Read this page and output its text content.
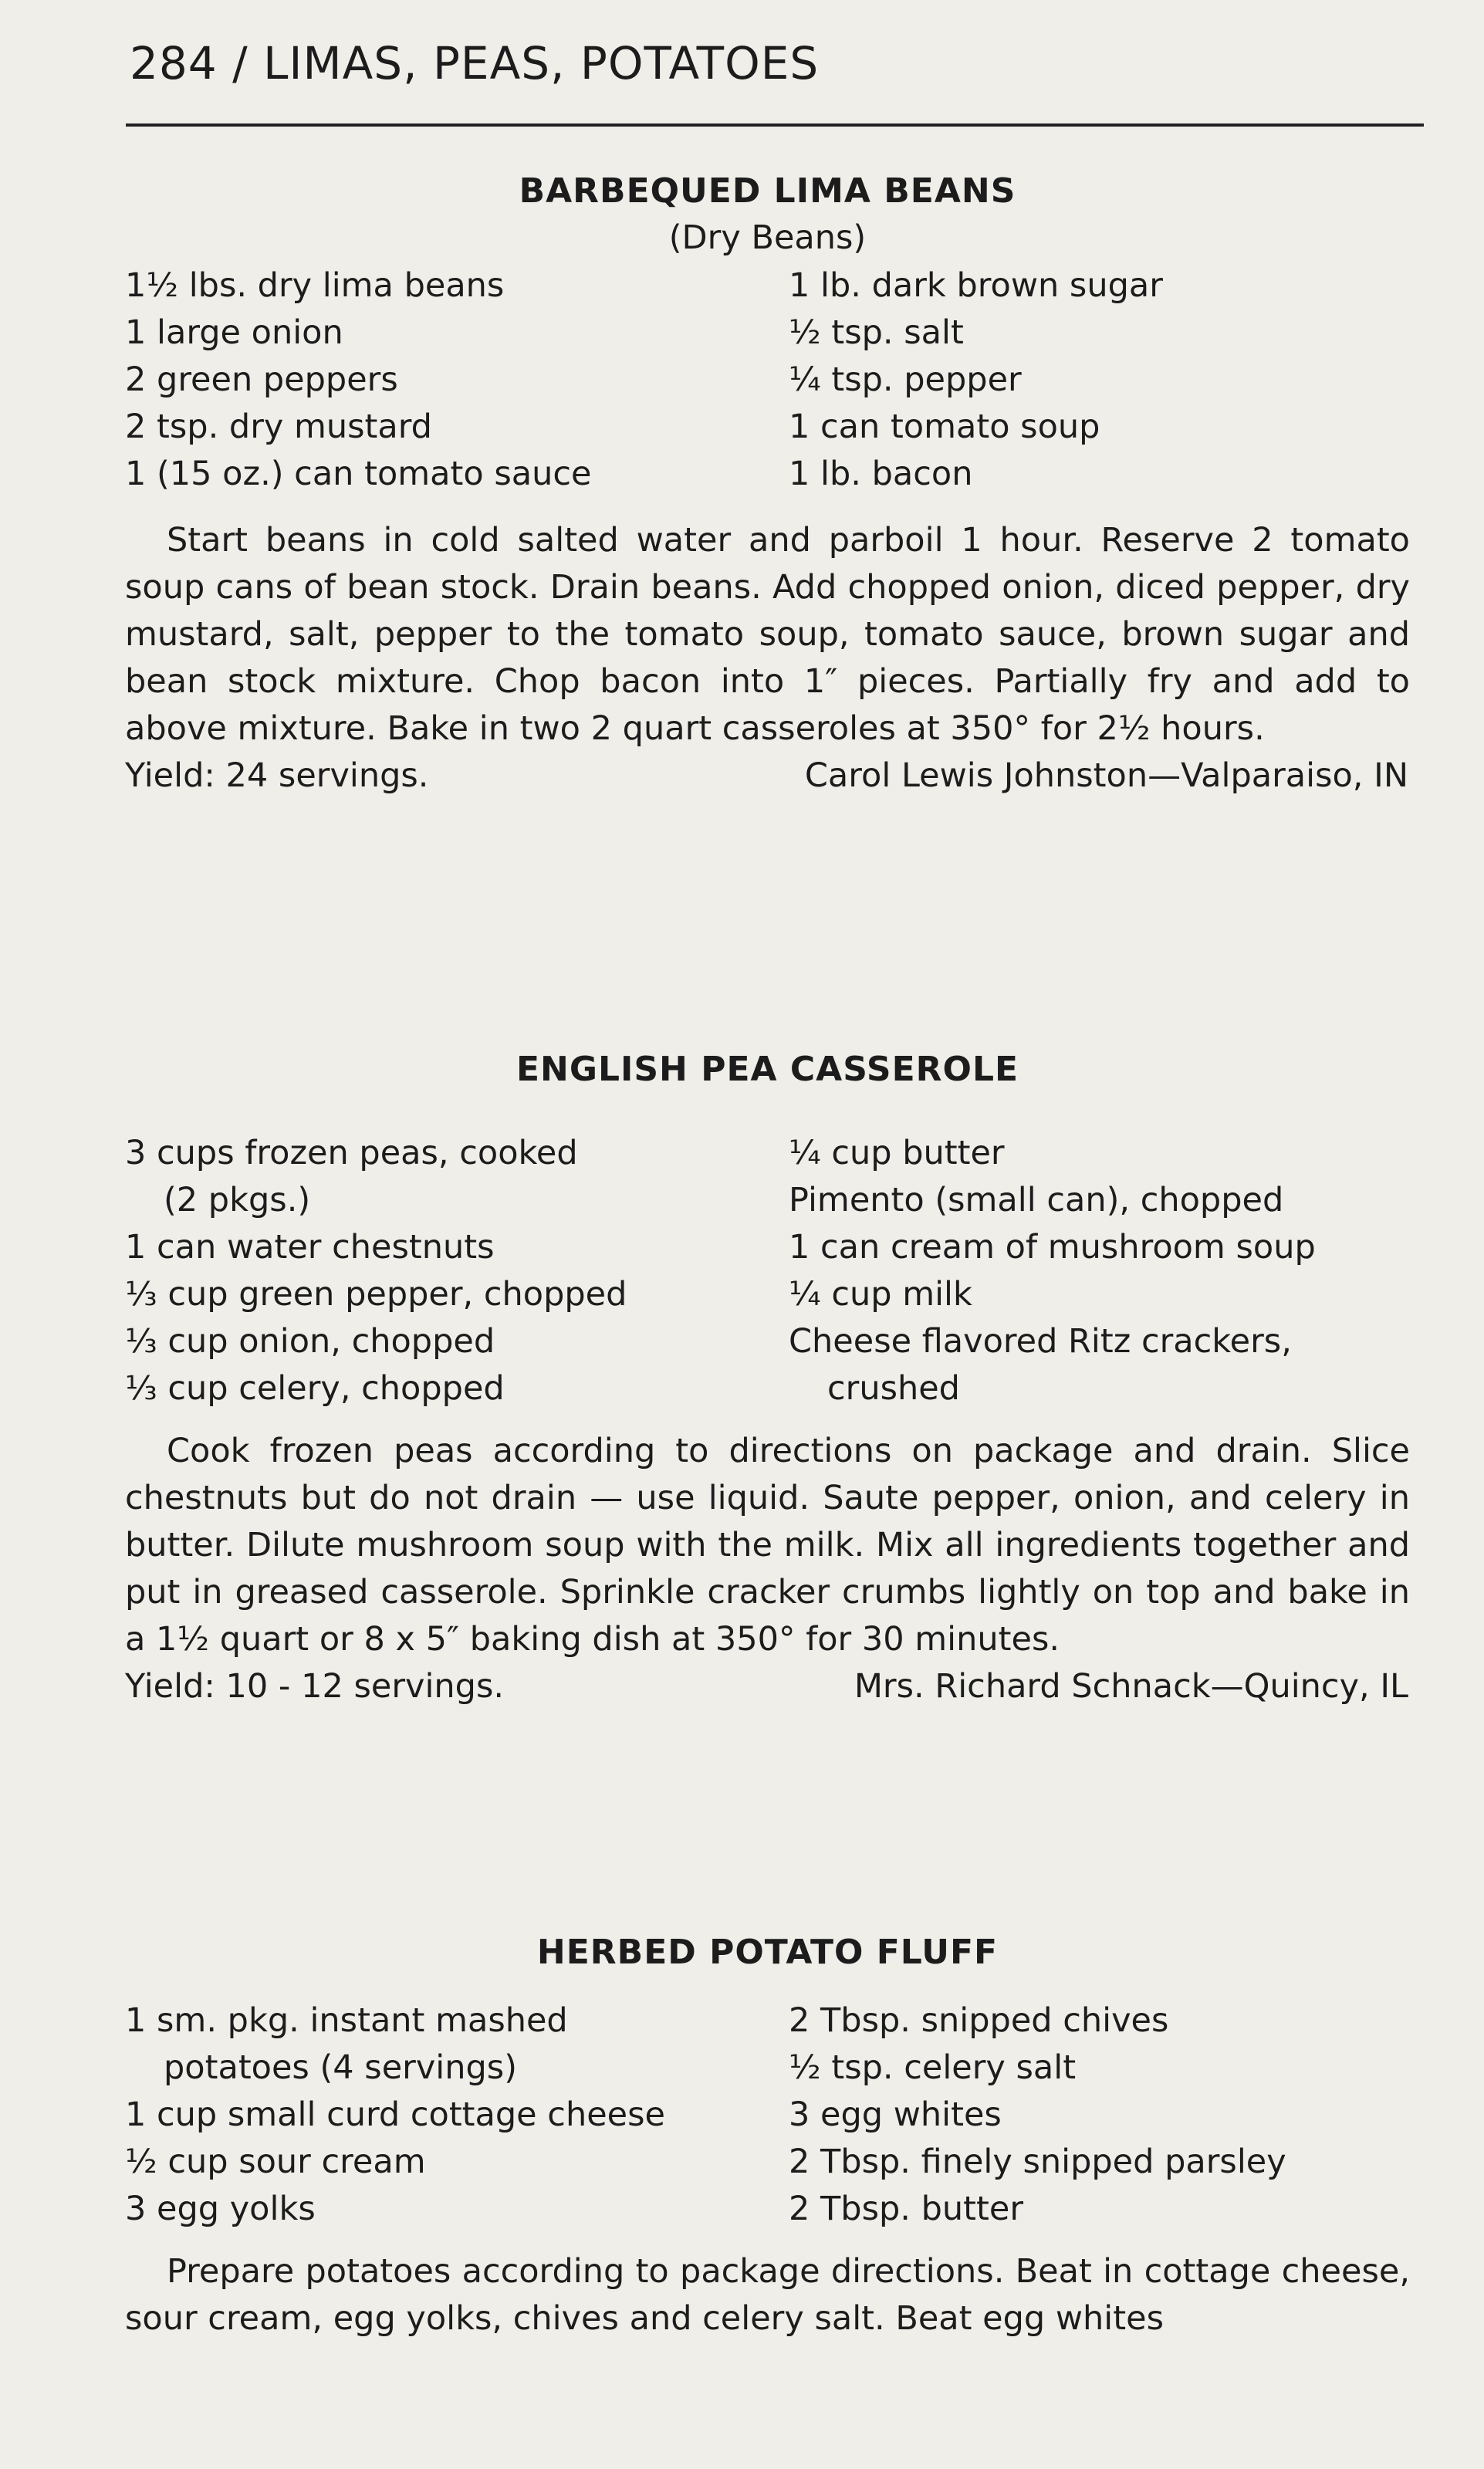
284 / LIMAS, PEAS, POTATOES
BARBEQUED LIMA BEANS
(Dry Beans)
1½ lbs. dry lima beans
1 large onion
2 green peppers
2 tsp. dry mustard
1 (15 oz.) can tomato sauce
1 lb. dark brown sugar
½ tsp. salt
¼ tsp. pepper
1 can tomato soup
1 lb. bacon

Start beans in cold salted water and parboil 1 hour. Reserve 2 tomato soup cans of bean stock. Drain beans. Add chopped onion, diced pepper, dry mustard, salt, pepper to the tomato soup, tomato sauce, brown sugar and bean stock mixture. Chop bacon into 1″ pieces. Partially fry and add to above mixture. Bake in two 2 quart casseroles at 350° for 2½ hours.

Yield: 24 servings.	Carol Lewis Johnston—Valparaiso, IN
ENGLISH PEA CASSEROLE
3 cups frozen peas, cooked
(2 pkgs.)
1 can water chestnuts
⅓ cup green pepper, chopped
⅓ cup onion, chopped
⅓ cup celery, chopped
¼ cup butter
Pimento (small can), chopped
1 can cream of mushroom soup
¼ cup milk
Cheese flavored Ritz crackers,
crushed

Cook frozen peas according to directions on package and drain. Slice chestnuts but do not drain — use liquid. Saute pepper, onion, and celery in butter. Dilute mushroom soup with the milk. Mix all ingredients together and put in greased casserole. Sprinkle cracker crumbs lightly on top and bake in a 1½ quart or 8 x 5″ baking dish at 350° for 30 minutes.

Yield: 10 - 12 servings.	Mrs. Richard Schnack—Quincy, IL
HERBED POTATO FLUFF
1 sm. pkg. instant mashed
potatoes (4 servings)
1 cup small curd cottage cheese
½ cup sour cream
3 egg yolks
2 Tbsp. snipped chives
½ tsp. celery salt
3 egg whites
2 Tbsp. finely snipped parsley
2 Tbsp. butter

Prepare potatoes according to package directions. Beat in cottage cheese, sour cream, egg yolks, chives and celery salt. Beat egg whites
